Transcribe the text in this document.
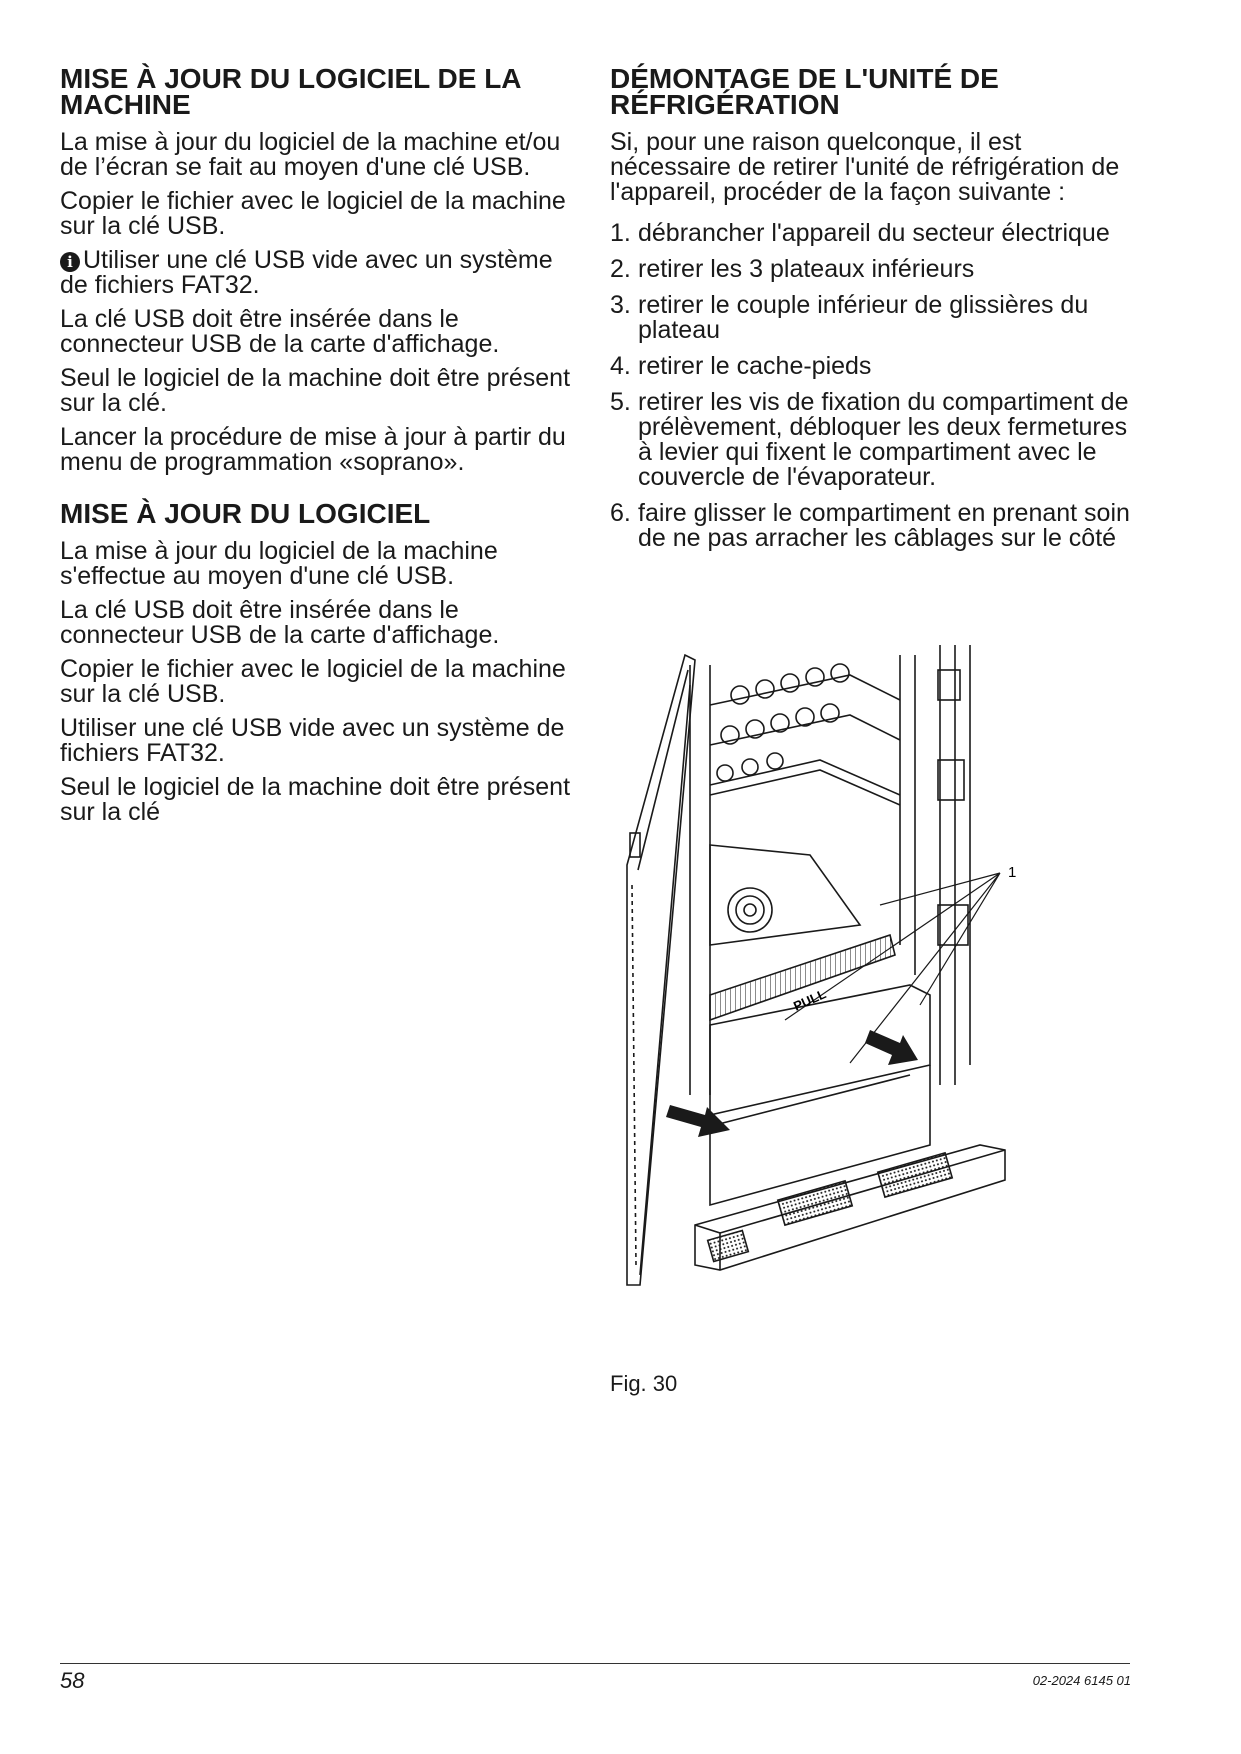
MISE À JOUR DU LOGICIEL DE LA MACHINE

La mise à jour du logiciel de la machine et/ou de l’écran se fait au moyen d'une clé USB.

Copier le fichier avec le logiciel de la machine sur la clé USB.

i Utiliser une clé USB vide avec un système de fichiers FAT32.

La clé USB doit être insérée dans le connecteur USB de la carte d'affichage.

Seul le logiciel de la machine doit être présent sur la clé.

Lancer la procédure de mise à jour à partir du menu de programmation «soprano».

MISE À JOUR DU LOGICIEL

La mise à jour du logiciel de la machine s'effectue au moyen d'une clé USB.

La clé USB doit être insérée dans le connecteur USB de la carte d'affichage.

Copier le fichier avec le logiciel de la machine sur la clé USB.

Utiliser une clé USB vide avec un système de fichiers FAT32.

Seul le logiciel de la machine doit être présent sur la clé

DÉMONTAGE DE L'UNITÉ DE RÉFRIGÉRATION

Si, pour une raison quelconque, il est nécessaire de retirer l'unité de réfrigération de l'appareil, procéder de la façon suivante :

1. débrancher l'appareil du secteur électrique
2. retirer les 3 plateaux inférieurs
3. retirer le couple inférieur de glissières du plateau
4. retirer le cache-pieds
5. retirer les vis de fixation du compartiment de prélèvement, débloquer les deux fermetures à levier qui fixent le compartiment avec le couvercle de l'évaporateur.
6. faire glisser le compartiment en prenant soin de ne pas arracher les câblages sur le côté
PULL
1
Fig. 30
58	02-2024 6145 01
